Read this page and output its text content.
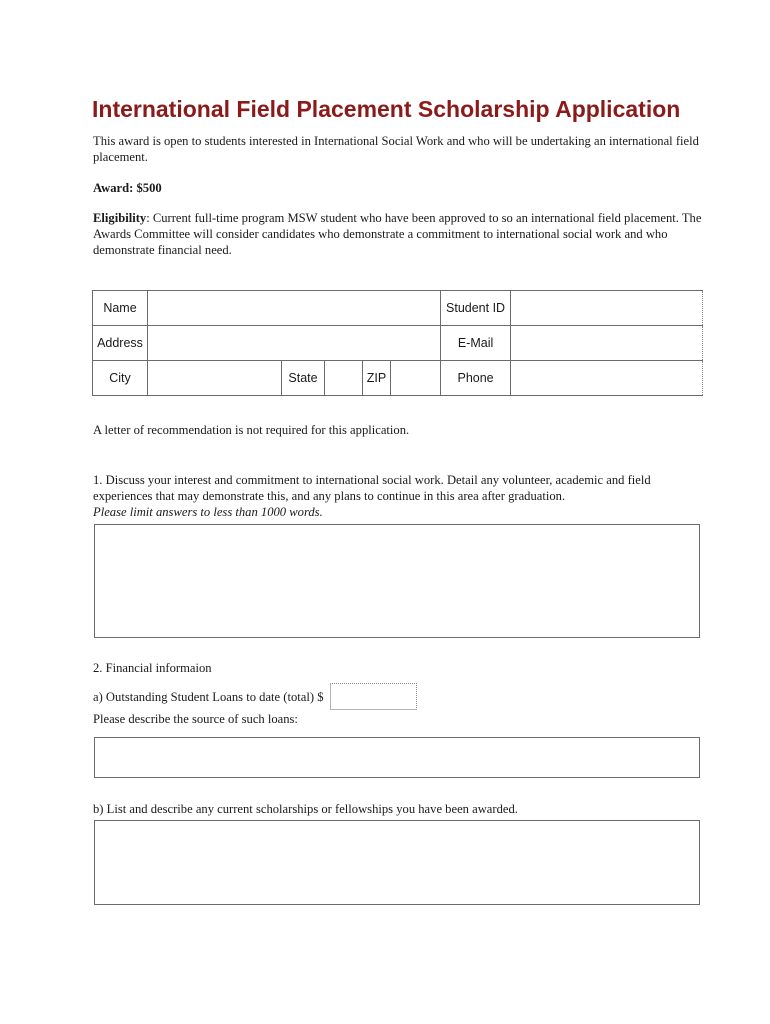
International Field Placement Scholarship Application
This award is open to students interested in International Social Work and who will be undertaking an international field placement.
Award: $500
Eligibility: Current full-time program MSW student who have been approved to so an international field placement. The Awards Committee will consider candidates who demonstrate a commitment to international social work and who demonstrate financial need.
Name						Student ID	
Address						E-Mail	
City		State		ZIP		Phone	
A letter of recommendation is not required for this application.
1. Discuss your interest and commitment to international social work. Detail any volunteer, academic and field experiences that may demonstrate this, and any plans to continue in this area after graduation.
Please limit answers to less than 1000 words.
2. Financial informaion
a) Outstanding Student Loans to date (total) $
Please describe the source of such loans:
b) List and describe any current scholarships or fellowships you have been awarded.
